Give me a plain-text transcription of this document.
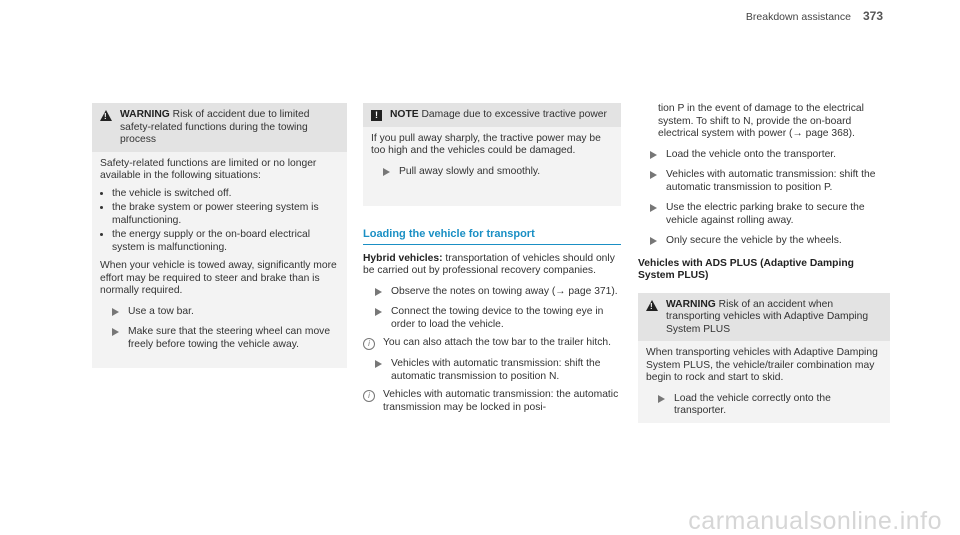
Breakdown assistance 373
!
WARNING Risk of accident due to limited safety-related functions during the towing process

Safety-related functions are limited or no longer available in the following situations:

• the vehicle is switched off.
• the brake system or power steering system is malfunctioning.
• the energy supply or the on-board electrical system is malfunctioning.

When your vehicle is towed away, significantly more effort may be required to steer and brake than is normally required.

Use a tow bar.
Make sure that the steering wheel can move freely before towing the vehicle away.
!	NOTE Damage due to excessive tractive power

If you pull away sharply, the tractive power may be too high and the vehicles could be damaged.

Pull away slowly and smoothly.
Loading the vehicle for transport

Hybrid vehicles: transportation of vehicles should only be carried out by professional recovery companies.

Observe the notes on towing away (→ page 371).
Connect the towing device to the towing eye in order to load the vehicle.
i	You can also attach the tow bar to the trailer hitch.
Vehicles with automatic transmission: shift the automatic transmission to position N.
i	Vehicles with automatic transmission: the automatic transmission may be locked in posi-

tion P in the event of damage to the electrical system. To shift to N, provide the on-board electrical system with power (→ page 368).

Load the vehicle onto the transporter.
Vehicles with automatic transmission: shift the automatic transmission to position P.
Use the electric parking brake to secure the vehicle against rolling away.
Only secure the vehicle by the wheels.
Vehicles with ADS PLUS (Adaptive Damping System PLUS)
!
WARNING Risk of an accident when transporting vehicles with Adaptive Damping System PLUS

When transporting vehicles with Adaptive Damping System PLUS, the vehicle/trailer combination may begin to rock and start to skid.

Load the vehicle correctly onto the transporter.
carmanualsonline.info
